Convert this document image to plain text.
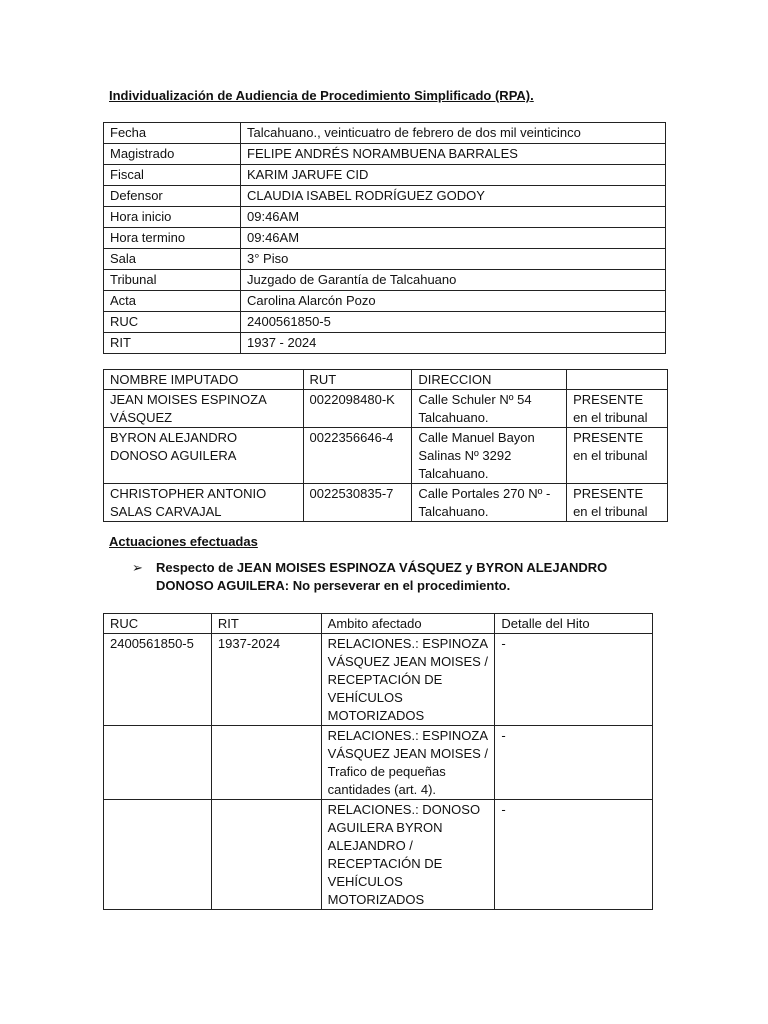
Individualización de Audiencia de Procedimiento Simplificado (RPA).
Fecha	Talcahuano., veinticuatro de febrero de dos mil veinticinco
Magistrado	FELIPE ANDRÉS NORAMBUENA BARRALES
Fiscal	KARIM JARUFE CID
Defensor	CLAUDIA ISABEL RODRÍGUEZ GODOY
Hora inicio	09:46AM
Hora termino	09:46AM
Sala	3° Piso
Tribunal	Juzgado de Garantía de Talcahuano
Acta	Carolina Alarcón Pozo
RUC	2400561850-5
RIT	1937 - 2024
NOMBRE IMPUTADO	RUT	DIRECCION	
JEAN MOISES ESPINOZA VÁSQUEZ	0022098480-K	Calle Schuler Nº 54 Talcahuano.	PRESENTE en el tribunal
BYRON ALEJANDRO DONOSO AGUILERA	0022356646-4	Calle Manuel Bayon Salinas Nº 3292 Talcahuano.	PRESENTE en el tribunal
CHRISTOPHER ANTONIO SALAS CARVAJAL	0022530835-7	Calle Portales 270 Nº - Talcahuano.	PRESENTE en el tribunal
Actuaciones efectuadas
➢ Respecto de JEAN MOISES ESPINOZA VÁSQUEZ y BYRON ALEJANDRO DONOSO AGUILERA: No perseverar en el procedimiento.
RUC	RIT	Ambito afectado	Detalle del Hito
2400561850-5	1937-2024	RELACIONES.: ESPINOZA VÁSQUEZ JEAN MOISES / RECEPTACIÓN DE VEHÍCULOS MOTORIZADOS	-
		RELACIONES.: ESPINOZA VÁSQUEZ JEAN MOISES / Trafico de pequeñas cantidades (art. 4).	-
		RELACIONES.: DONOSO AGUILERA BYRON ALEJANDRO / RECEPTACIÓN DE VEHÍCULOS MOTORIZADOS	-
